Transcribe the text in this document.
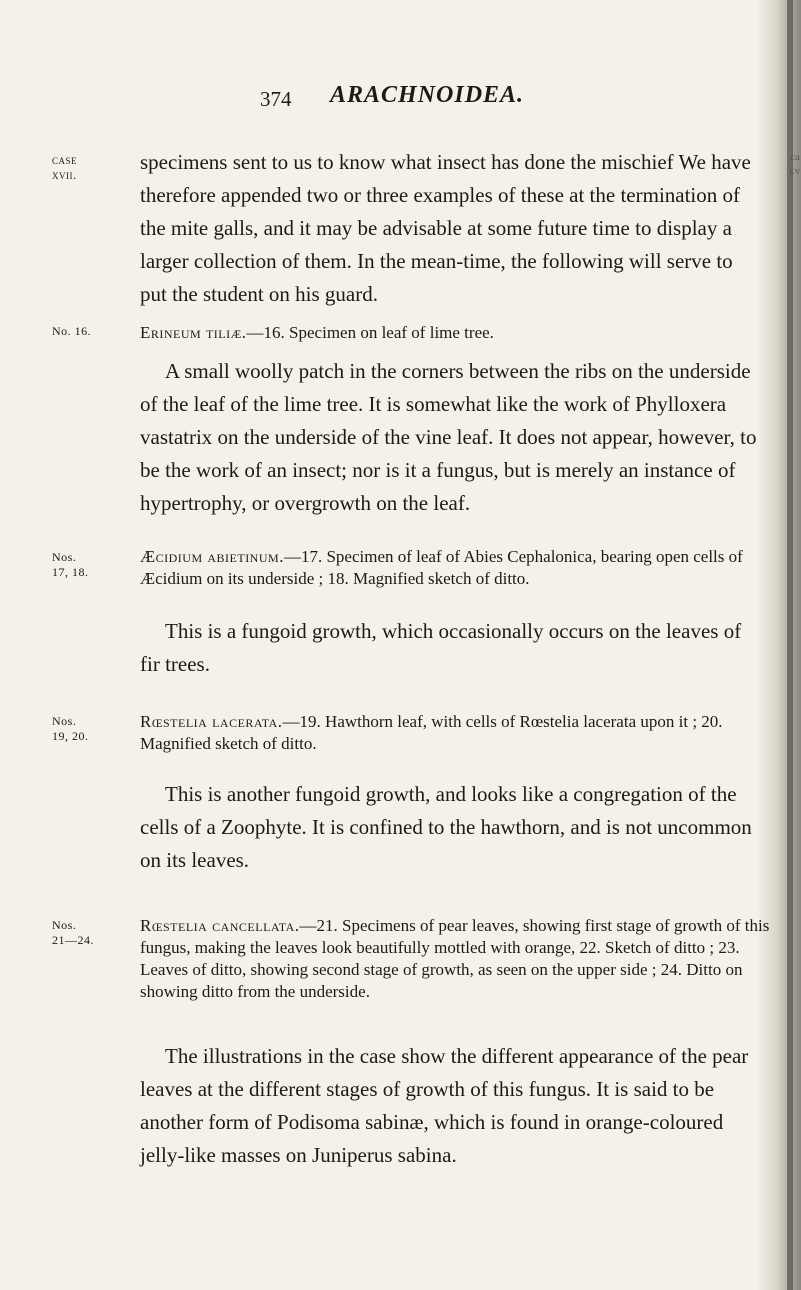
ca
xv
374 ARACHNOIDEA.
case
xvii.
No. 16.
Nos.
17, 18.
Nos.
19, 20.
Nos.
21—24.
specimens sent to us to know what insect has done the mischief We have therefore appended two or three examples of these at the termination of the mite galls, and it may be advisable at some future time to display a larger collection of them. In the mean-time, the following will serve to put the student on his guard.
Erineum tiliæ.—16. Specimen on leaf of lime tree.
A small woolly patch in the corners between the ribs on the underside of the leaf of the lime tree. It is somewhat like the work of Phylloxera vastatrix on the underside of the vine leaf. It does not appear, however, to be the work of an insect; nor is it a fungus, but is merely an instance of hypertrophy, or overgrowth on the leaf.
Æcidium abietinum.—17. Specimen of leaf of Abies Cephalonica, bearing open cells of Æcidium on its underside ; 18. Magnified sketch of ditto.
This is a fungoid growth, which occasionally occurs on the leaves of fir trees.
Rœstelia lacerata.—19. Hawthorn leaf, with cells of Rœstelia lacerata upon it ; 20. Magnified sketch of ditto.
This is another fungoid growth, and looks like a congregation of the cells of a Zoophyte. It is confined to the hawthorn, and is not uncommon on its leaves.
Rœstelia cancellata.—21. Specimens of pear leaves, showing first stage of growth of this fungus, making the leaves look beautifully mottled with orange, 22. Sketch of ditto ; 23. Leaves of ditto, showing second stage of growth, as seen on the upper side ; 24. Ditto on showing ditto from the underside.
The illustrations in the case show the different appearance of the pear leaves at the different stages of growth of this fungus. It is said to be another form of Podisoma sabinæ, which is found in orange-coloured jelly-like masses on Juniperus sabina.
